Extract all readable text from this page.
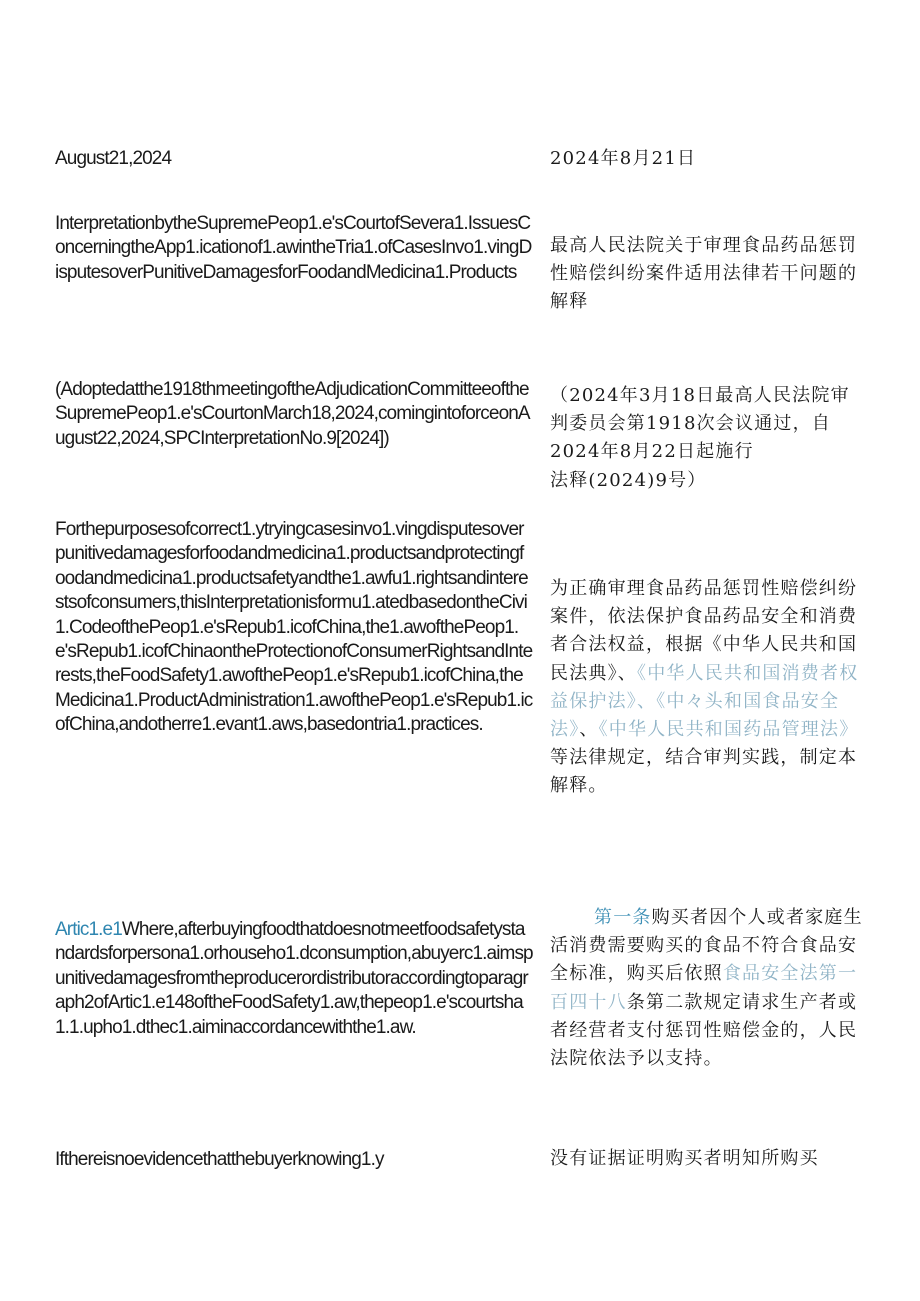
August21,2024	2024年8月21日
InterpretationbytheSupremePeop1.e'sCourtofSevera1.IssuesConcerningtheApp1.icationof1.awintheTria1.ofCasesInvo1.vingDisputesoverPunitiveDamagesforFoodandMedicina1.Products
最高人民法院关于审理食品药品惩罚性赔偿纠纷案件适用法律若干问题的解释
(Adoptedatthe1918thmeetingoftheAdjudicationCommitteeoftheSupremePeop1.e'sCourtonMarch18,2024,comingintoforceonAugust22,2024,SPCInterpretationNo.9[2024])
（2024年3月18日最高人民法院审判委员会第1918次会议通过，自
2024年8月22日起施行
法释(2024)9号）
Forthepurposesofcorrect1.ytryingcasesinvo1.vingdisputesoverpunitivedamagesforfoodandmedicina1.productsandprotectingfoodandmedicina1.productsafetyandthe1.awfu1.rightsandinterestsofconsumers,thisInterpretationisformu1.atedbasedontheCivi1.CodeofthePeop1.e'sRepub1.icofChina,the1.awofthePeop1.e'sRepub1.icofChinaontheProtectionofConsumerRightsandInterests,theFoodSafety1.awofthePeop1.e'sRepub1.icofChina,theMedicina1.ProductAdministration1.awofthePeop1.e'sRepub1.icofChina,andotherre1.evant1.aws,basedontria1.practices.
为正确审理食品药品惩罚性赔偿纠纷案件，依法保护食品药品安全和消费者合法权益，根据《中华人民共和国民法典》、《中华人民共和国消费者权益保护法》、《中々头和国食品安全法》、《中华人民共和国药品管理法》等法律规定，结合审判实践，制定本解释。
Artic1.e1Where,afterbuyingfoodthatdoesnotmeetfoodsafetystandardsforpersona1.orhouseho1.dconsumption,abuyerc1.aimspunitivedamagesfromtheproducerordistributoraccordingtoparagraph2ofArtic1.e148oftheFoodSafety1.aw,thepeop1.e'scourtsha1.1.upho1.dthec1.aiminaccordancewiththe1.aw.
第一条购买者因个人或者家庭生活消费需要购买的食品不符合食品安全标准，购买后依照食品安全法第一百四十八条第二款规定请求生产者或者经营者支付惩罚性赔偿金的，人民法院依法予以支持。
Ifthereisnoevidencethatthebuyerknowing1.y	没有证据证明购买者明知所购买
